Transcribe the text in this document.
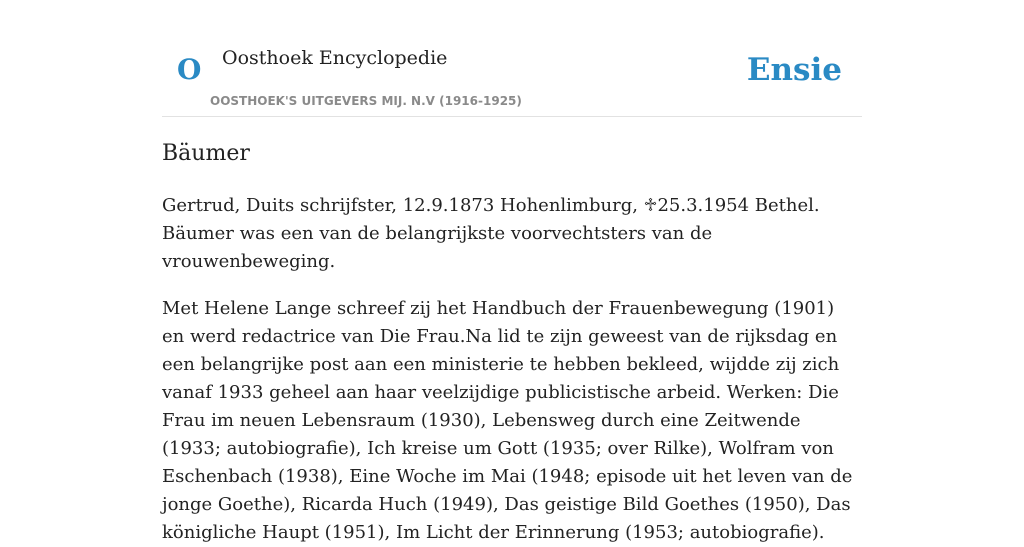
O Oosthoek Encyclopedie
OOSTHOEK'S UITGEVERS MIJ. N.V (1916-1925)
Ensie
Bäumer

Gertrud, Duits schrijfster, 12.9.1873 Hohenlimburg, ♱25.3.1954 Bethel. Bäumer was een van de belangrijkste voorvechtsters van de vrouwenbeweging.

Met Helene Lange schreef zij het Handbuch der Frauenbewegung (1901) en werd redactrice van Die Frau.Na lid te zijn geweest van de rijksdag en een belangrijke post aan een ministerie te hebben bekleed, wijdde zij zich vanaf 1933 geheel aan haar veelzijdige publicistische arbeid. Werken: Die Frau im neuen Lebensraum (1930), Lebensweg durch eine Zeitwende (1933; autobiografie), Ich kreise um Gott (1935; over Rilke), Wolfram von Eschenbach (1938), Eine Woche im Mai (1948; episode uit het leven van de jonge Goethe), Ricarda Huch (1949), Das geistige Bild Goethes (1950), Das königliche Haupt (1951), Im Licht der Erinnerung (1953; autobiografie).
